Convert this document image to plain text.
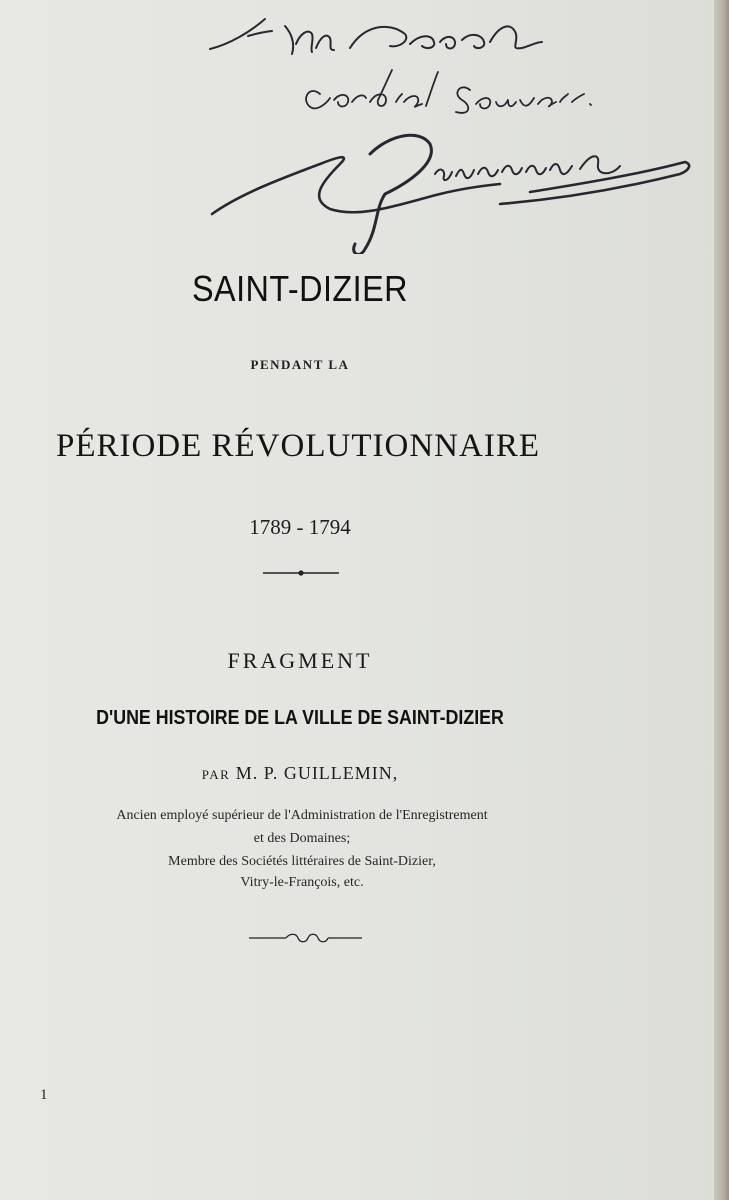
SAINT-DIZIER
PENDANT LA
PÉRIODE RÉVOLUTIONNAIRE
1789 - 1794
FRAGMENT
D'UNE HISTOIRE DE LA VILLE DE SAINT-DIZIER
PAR M. P. GUILLEMIN,
Ancien employé supérieur de l'Administration de l'Enregistrement
et des Domaines;
Membre des Sociétés littéraires de Saint-Dizier,
Vitry-le-François, etc.
1
